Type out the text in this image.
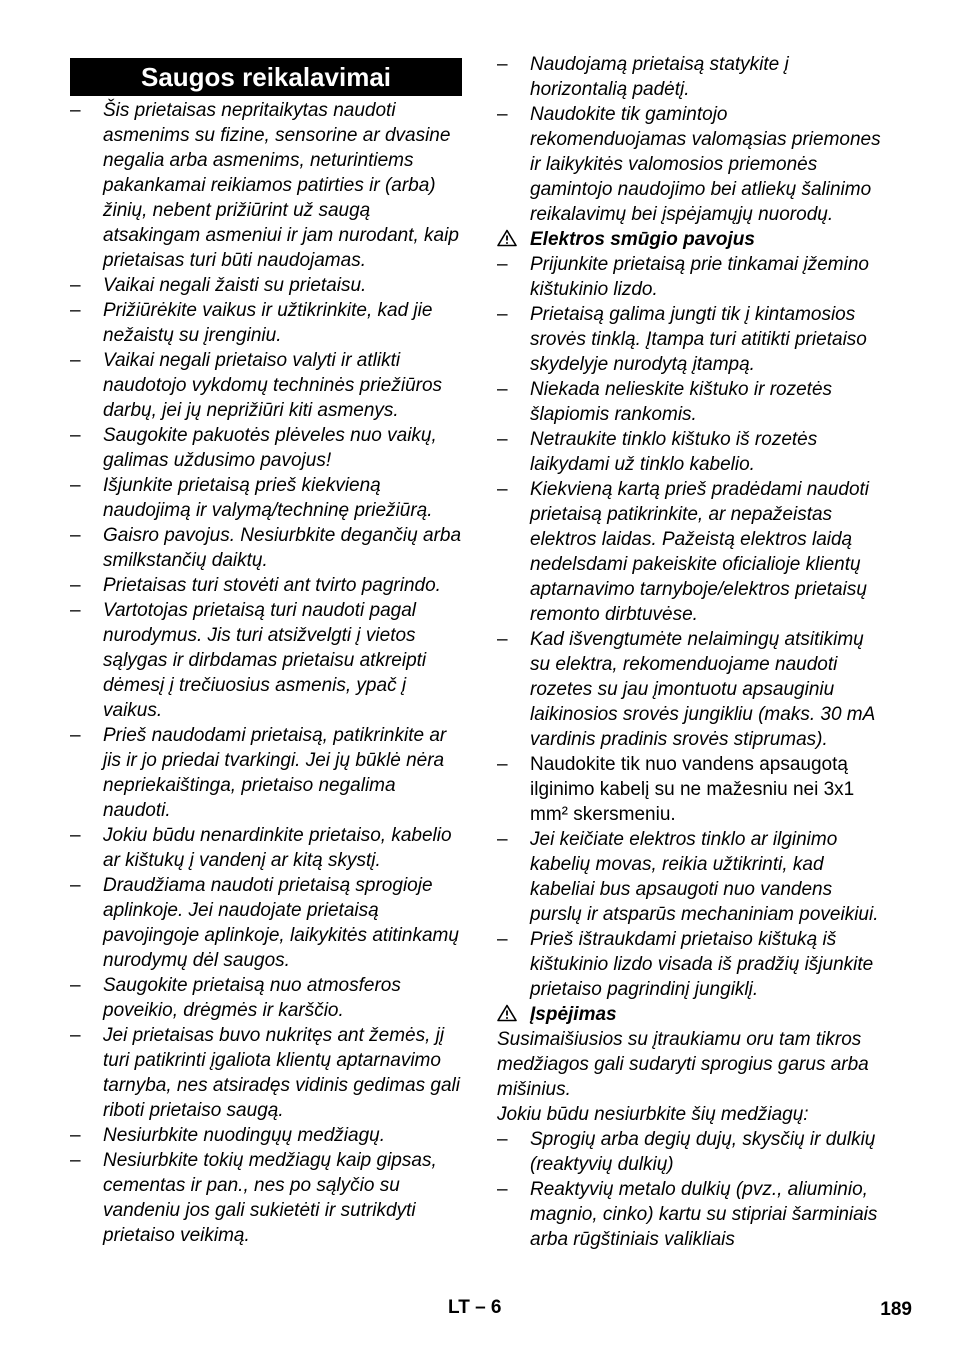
Saugos reikalavimai
– Šis prietaisas nepritaikytas naudoti asmenims su fizine, sensorine ar dvasine negalia arba asmenims, neturintiems pakankamai reikiamos patirties ir (arba) žinių, nebent prižiūrint už saugą atsakingam asmeniui ir jam nurodant, kaip prietaisas turi būti naudojamas.
– Vaikai negali žaisti su prietaisu.
– Prižiūrėkite vaikus ir užtikrinkite, kad jie nežaistų su įrenginiu.
– Vaikai negali prietaiso valyti ir atlikti naudotojo vykdomų techninės priežiūros darbų, jei jų neprižiūri kiti asmenys.
– Saugokite pakuotės plėveles nuo vaikų, galimas uždusimo pavojus!
– Išjunkite prietaisą prieš kiekvieną naudojimą ir valymą/techninę priežiūrą.
– Gaisro pavojus. Nesiurbkite degančių arba smilkstančių daiktų.
– Prietaisas turi stovėti ant tvirto pagrindo.
– Vartotojas prietaisą turi naudoti pagal nurodymus. Jis turi atsižvelgti į vietos sąlygas ir dirbdamas prietaisu atkreipti dėmesį į trečiuosius asmenis, ypač į vaikus.
– Prieš naudodami prietaisą, patikrinkite ar jis ir jo priedai tvarkingi. Jei jų būklė nėra nepriekaištinga, prietaiso negalima naudoti.
– Jokiu būdu nenardinkite prietaiso, kabelio ar kištukų į vandenį ar kitą skystį.
– Draudžiama naudoti prietaisą sprogioje aplinkoje. Jei naudojate prietaisą pavojingoje aplinkoje, laikykitės atitinkamų nurodymų dėl saugos.
– Saugokite prietaisą nuo atmosferos poveikio, drėgmės ir karščio.
– Jei prietaisas buvo nukritęs ant žemės, jį turi patikrinti įgaliota klientų aptarnavimo tarnyba, nes atsiradęs vidinis gedimas gali riboti prietaiso saugą.
– Nesiurbkite nuodingųų medžiagų.
– Nesiurbkite tokių medžiagų kaip gipsas, cementas ir pan., nes po sąlyčio su vandeniu jos gali sukietėti ir sutrikdyti prietaiso veikimą.
– Naudojamą prietaisą statykite į horizontalią padėtį.
– Naudokite tik gamintojo rekomenduojamas valomąsias priemones ir laikykitės valomosios priemonės gamintojo naudojimo bei atliekų šalinimo reikalavimų bei įspėjamųjų nuorodų.
Elektros smūgio pavojus
– Prijunkite prietaisą prie tinkamai įžemino kištukinio lizdo.
– Prietaisą galima jungti tik į kintamosios srovės tinklą. Įtampa turi atitikti prietaiso skydelyje nurodytą įtampą.
– Niekada nelieskite kištuko ir rozetės šlapiomis rankomis.
– Netraukite tinklo kištuko iš rozetės laikydami už tinklo kabelio.
– Kiekvieną kartą prieš pradėdami naudoti prietaisą patikrinkite, ar nepažeistas elektros laidas. Pažeistą elektros laidą nedelsdami pakeiskite oficialioje klientų aptarnavimo tarnyboje/elektros prietaisų remonto dirbtuvėse.
– Kad išvengtumėte nelaimingų atsitikimų su elektra, rekomenduojame naudoti rozetes su jau įmontuotu apsauginiu laikinosios srovės jungikliu (maks. 30 mA vardinis pradinis srovės stiprumas).
– Naudokite tik nuo vandens apsaugotą ilginimo kabelį su ne mažesniu nei 3x1 mm² skersmeniu.
– Jei keičiate elektros tinklo ar ilginimo kabelių movas, reikia užtikrinti, kad kabeliai bus apsaugoti nuo vandens purslų ir atsparūs mechaniniam poveikiui.
– Prieš ištraukdami prietaiso kištuką iš kištukinio lizdo visada iš pradžių išjunkite prietaiso pagrindinį jungiklį.
Įspėjimas

Susimaišiusios su įtraukiamu oru tam tikros medžiagos gali sudaryti sprogius garus arba mišinius.

Jokiu būdu nesiurbkite šių medžiagų:

– Sprogių arba degių dujų, skysčių ir dulkių (reaktyvių dulkių)
– Reaktyvių metalo dulkių (pvz., aliuminio, magnio, cinko) kartu su stipriai šarminiais arba rūgštiniais valikliais
LT – 6	189
